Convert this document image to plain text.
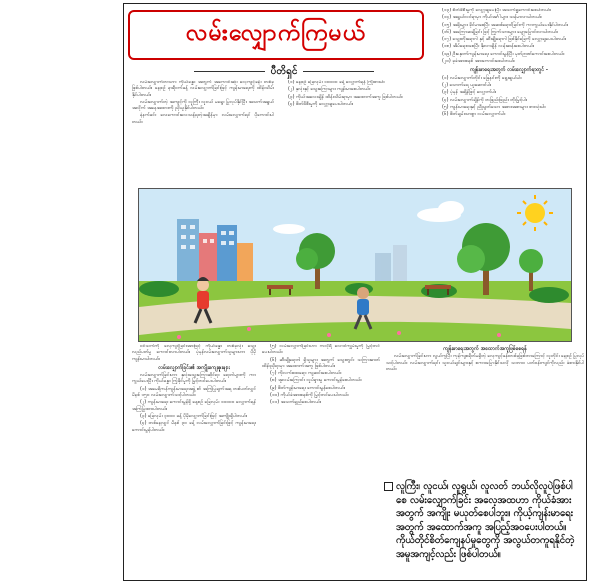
လမ်းလျှောက်ကြမယ်
ပီတိရှင်

လမ်းလျှောက်တာဟာ ကိုယ်ခန္ဓာ အတွက် အကောင်းဆုံး လေ့ကျင့်ခန်း တစ်ခုဖြစ်ပါတယ်။ နေ့စဉ် နာရီဝက်ခန့် လမ်းလျှောက်ခြင်းဖြင့် ကျန်းမာရေးကို ထိန်းသိမ်းနိုင်ပါတယ်။

လမ်းလျှောက်တဲ့ အကျင့်ကို လူကြီး လူငယ် မရွေး ပြုလုပ်နိုင်ပြီး အသက်အရွယ်အလိုက် အနေအထားကို ညှိယူနိုင်ပါတယ်။

နံနက်ခင်း လေကောင်းလေသန့်ရတဲ့အချိန်မှာ လမ်းလျှောက်ရင် ပိုကောင်းပါတယ်။

(၁) နေ့စဉ် ခြေလှမ်း ၁၀၀၀၀ ခန့် လျှောက်ရန် ကြိုးစားပါ။

(၂) နှလုံးနှင့် သွေးကြောများ ကျန်းမာစေပါတယ်။

(၃) ကိုယ်အလေးချိန် ထိန်းသိမ်းရာမှာ အထောက်အကူ ဖြစ်ပါတယ်။

(၄) စိတ်ဖိစီးမှုကို လျှော့ချပေးပါတယ်။

(၁၃) စိတ်ဖိစီးမှုကို လျှော့ချပေးပြီး အသက်ရှူကောင်းစေပါတယ်။

(၁၄) အရွယ်လင်ရာမှာ ကိုယ်အင်္ဂါများ သန်မာလာပါတယ်။

(၁၅) အရိုးများ ခိုင်မာစေပြီး အဆစ်ရောင်ခြင်းကို ကာကွယ်ပေးနိုင်ပါတယ်။

(၁၆) အကြောဆန့်ခြင်း ဖြင့် ကြွက်သားများ ပျော့ပြောင်းလာပါတယ်။

(၁၇) သွေးတိုးရောဂါ နှင့် ဆီးချိုရောဂါ ဖြစ်နိုင်ခြေကို လျှော့ချပေးပါတယ်။

(၁၈) အိပ်ရေးဝစေပြီး နိုးလာချိန် လန်းဆန်းစေပါတယ်။

(၁၉) ဦးနှောက်ကျန်းမာရေး ကောင်းမွန်ပြီး မှတ်ဉာဏ်ကောင်းစေပါတယ်။

(၂၀) ခုခံအားစနစ် အားကောင်းစေပါတယ်။

ကျန်းမာရေးအတွက် လမ်းလျှောက်ရာတွင် -

(၁) လမ်းလျှောက်တိုင်း ခြေနင်းကို ရွေးချယ်ပါ။

(၂) သောက်ရေ ယူဆောင်ပါ။

(၃) ပုံမှန် အရှိန်ဖြင့် လျှောက်ပါ။

(၄) လမ်းလျှောက်ချိန်ကို တဖြည်းဖြည်း တိုးမြှင့်ပါ။

(၅) ကျန်းမာရေးနှင့် ညီညွတ်သော အစားအစာများ စားသုံးပါ။

(၆) စိတ်ချမ်းသာစွာ လမ်းလျှောက်ပါ။

ဝင်သက်ကို လေ့ကျင့်ခြင်းအားဖြင့် ကိုယ်ခန္ဓာ တစ်ခုလုံး သွေးလည်ပတ်မှု ကောင်းလာပါတယ်။ ပုံမှန်လမ်းလျှောက်သူများဟာ ပိုမိုကျန်းမာပါတယ်။

လမ်းလျှောက်ခြင်း၏ အကျိုးကျေးဇူးများ

လမ်းလျှောက်ခြင်းဟာ နှလုံးသွေးကြောဆိုင်ရာ ရောဂါများကို ကာကွယ်ပေးပြီး ကိုယ်ခန္ဓာ ကြံ့ခိုင်မှုကို မြှင့်တင်ပေးပါတယ်။

(၁) အမေရိကန်ကျန်းမာရေးအဖွဲ့ ၏ အကြံပြုချက်အရ တစ်ပတ်လျှင် မိနစ် ၁၅၀ လမ်းလျှောက်သင့်ပါတယ်။

(၂) ကျန်းမာရေး ကောင်းမွန်ဖို့ နေ့စဉ် ခြေလှမ်း ၁၀၀၀၀ လျှောက်ရန် အကြံပြုထားပါတယ်။

(၃) ခြေလှမ်း ၃၀၀၀ ခန့် ပိုမိုလျှောက်ခြင်းဖြင့် အကျိုးရှိပါတယ်။

(၄) တစ်နေ့လျှင် မိနစ် ၃၀ ခန့် လမ်းလျှောက်ခြင်းဖြင့် ကျန်းမာရေး ကောင်းမွန်ပါတယ်။

(၅) လမ်းလျှောက်ခြင်းဟာ ကလိုရီ လောင်ကျွမ်းမှုကို မြှင့်တင်ပေးပါတယ်။

(၆) ဆီးချိုရောဂါ ရှိသူများ အတွက် သွေးတွင်း သကြားဓာတ် ထိန်းညှိရာမှာ အထောက်အကူ ဖြစ်ပါတယ်။

(၇) ကိုလက်စထရော ကျဆင်းစေပါတယ်။

(၈) အူလမ်းကြောင်း လှုပ်ရှားမှု ကောင်းမွန်စေပါတယ်။

(၉) စိတ်ကျန်းမာရေး ကောင်းမွန်စေပါတယ်။

(၁၀) ကိုယ်ခံအားစနစ်ကို မြှင့်တင်ပေးပါတယ်။

(၁၁) အသက်ရှည်စေပါတယ်။

ကျန်းမာရေးအတွက် အထောက်အကူဖြစ်စေရန်

လမ်းလျှောက်ခြင်းဟာ လွယ်ကူပြီး ကုန်ကျစရိတ်မရှိတဲ့ လေ့ကျင့်ခန်းတစ်ခုဖြစ်တာကြောင့် လူတိုင်း နေ့စဉ် ပြုလုပ်သင့်ပါတယ်။ လမ်းလျှောက်ရင်း သူငယ်ချင်းများနှင့် စကားပြောနိုင်သလို သဘာဝ ပတ်ဝန်းကျင်ကိုလည်း ခံစားနိုင်ပါတယ်။

လူကြီး၊ လူငယ်၊ လူရွယ်၊ လူလတ် ဘယ်လိုလူပဲဖြစ်ပါစေ လမ်းလျှောက်ခြင်း အလေ့အထဟာ ကိုယ်ခံအားအတွက် အကျိုး မယုတ်စေပါဘူး။ ကိုယ့်ကျန်းမာရေးအတွက် အထောက်အကူ အပြည့်အဝပေးပါတယ်။ ကိုယ်တိုင်စိတ်ကျေနပ်မှုတွေကို အလွယ်တကူရနိုင်တဲ့ အမူအကျင့်လည်း ဖြစ်ပါတယ်။
